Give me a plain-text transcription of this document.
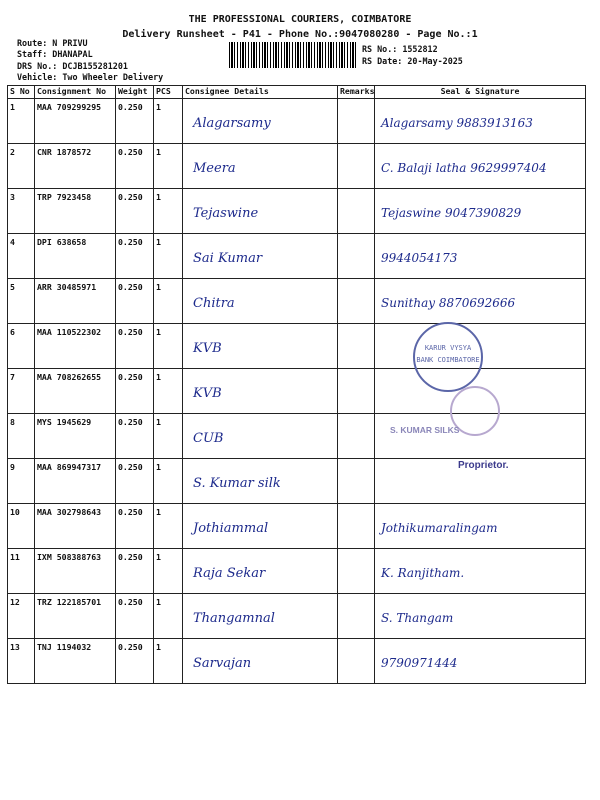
THE PROFESSIONAL COURIERS, COIMBATORE
Delivery Runsheet - P41 - Phone No.:9047080280 - Page No.:1
Route: N PRIVU
Staff: DHANAPAL
DRS No.: DCJB155281201
Vehicle: Two Wheeler Delivery
RS No.: 1552812
RS Date: 20-May-2025
S No	Consignment No	Weight	PCS	Consignee Details	Remarks	Seal & Signature
1	MAA 709299295	0.250	1	Alagarsamy		Alagarsamy 9883913163
2	CNR 1878572	0.250	1	Meera		C. Balaji latha 9629997404
3	TRP 7923458	0.250	1	Tejaswine		Tejaswine 9047390829
4	DPI 638658	0.250	1	Sai Kumar		9944054173
5	ARR 30485971	0.250	1	Chitra		Sunithay 8870692666
6	MAA 110522302	0.250	1	KVB		
7	MAA 708262655	0.250	1	KVB		
8	MYS 1945629	0.250	1	CUB		
9	MAA 869947317	0.250	1	S. Kumar silk		
10	MAA 302798643	0.250	1	Jothiammal		Jothikumaralingam
11	IXM 508388763	0.250	1	Raja Sekar		K. Ranjitham.
12	TRZ 122185701	0.250	1	Thangamnal		S. Thangam
13	TNJ 1194032	0.250	1	Sarvajan		9790971444
KARUR VYSYA BANK COIMBATORE
S. KUMAR SILKS
Proprietor.
